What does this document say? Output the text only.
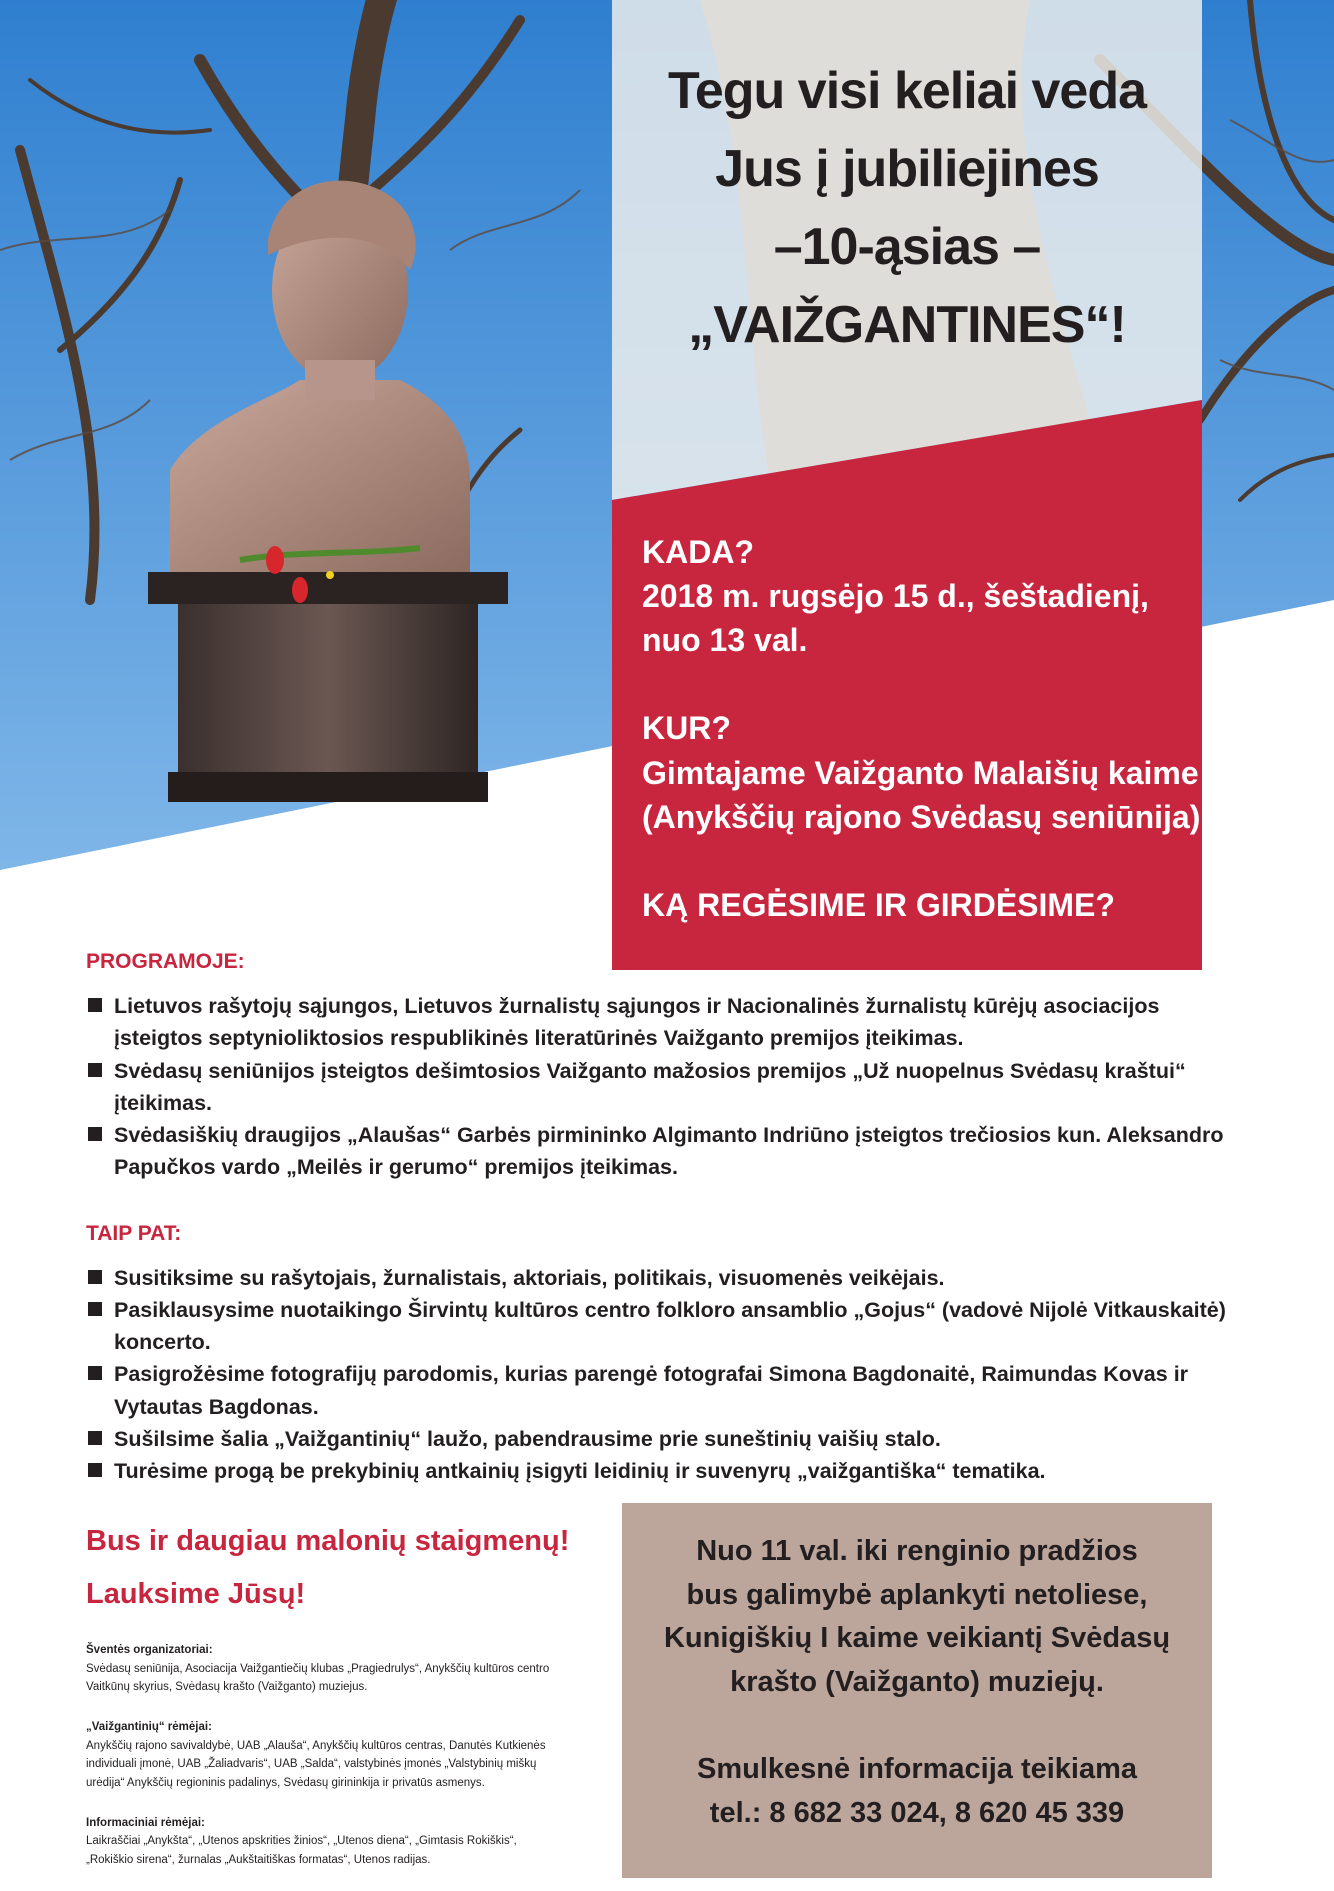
Tegu visi keliai veda
Jus į jubiliejines
–10-ąsias –
„VAIŽGANTINES“!
KADA?
2018 m. rugsėjo 15 d., šeštadienį,
nuo 13 val.
KUR?
Gimtajame Vaižganto Malaišių kaime
(Anykščių rajono Svėdasų seniūnija)
KĄ REGĖSIME IR GIRDĖSIME?
PROGRAMOJE:
Lietuvos rašytojų sąjungos, Lietuvos žurnalistų sąjungos ir Nacionalinės žurnalistų kūrėjų asociacijos įsteigtos septynioliktosios respublikinės literatūrinės Vaižganto premijos įteikimas.
Svėdasų seniūnijos įsteigtos dešimtosios Vaižganto mažosios premijos „Už nuopelnus Svėdasų kraštui“ įteikimas.
Svėdasiškių draugijos „Alaušas“ Garbės pirmininko Algimanto Indriūno įsteigtos trečiosios kun. Aleksandro Papučkos vardo „Meilės ir gerumo“ premijos įteikimas.
TAIP PAT:
Susitiksime su rašytojais, žurnalistais, aktoriais, politikais, visuomenės veikėjais.
Pasiklausysime nuotaikingo Širvintų kultūros centro folkloro ansamblio „Gojus“ (vadovė Nijolė Vitkauskaitė) koncerto.
Pasigrožėsime fotografijų parodomis, kurias parengė fotografai Simona Bagdonaitė, Raimundas Kovas ir Vytautas Bagdonas.
Sušilsime šalia „Vaižgantinių“ laužo, pabendrausime prie suneštinių vaišių stalo.
Turėsime progą be prekybinių antkainių įsigyti leidinių ir suvenyrų „vaižgantiška“ tematika.
Bus ir daugiau malonių staigmenų!
Lauksime Jūsų!

Šventės organizatoriai:
Svėdasų seniūnija, Asociacija Vaižgantiečių klubas „Pragiedrulys“, Anykščių kultūros centro Vaitkūnų skyrius, Svėdasų krašto (Vaižganto) muziejus.

„Vaižgantinių“ rėmėjai:
Anykščių rajono savivaldybė, UAB „Alauša“, Anykščių kultūros centras, Danutės Kutkienės individuali įmonė, UAB „Žaliadvaris“, UAB „Salda“, valstybinės įmonės „Valstybinių miškų urėdija“ Anykščių regioninis padalinys, Svėdasų girininkija ir privatūs asmenys.

Informaciniai rėmėjai:
Laikraščiai „Anykšta“, „Utenos apskrities žinios“, „Utenos diena“, „Gimtasis Rokiškis“, „Rokiškio sirena“, žurnalas „Aukštaitiškas formatas“, Utenos radijas.

Nuo 11 val. iki renginio pradžios
bus galimybė aplankyti netoliese,
Kunigiškių I kaime veikiantį Svėdasų
krašto (Vaižganto) muziejų.
Smulkesnė informacija teikiama
tel.: 8 682 33 024, 8 620 45 339
